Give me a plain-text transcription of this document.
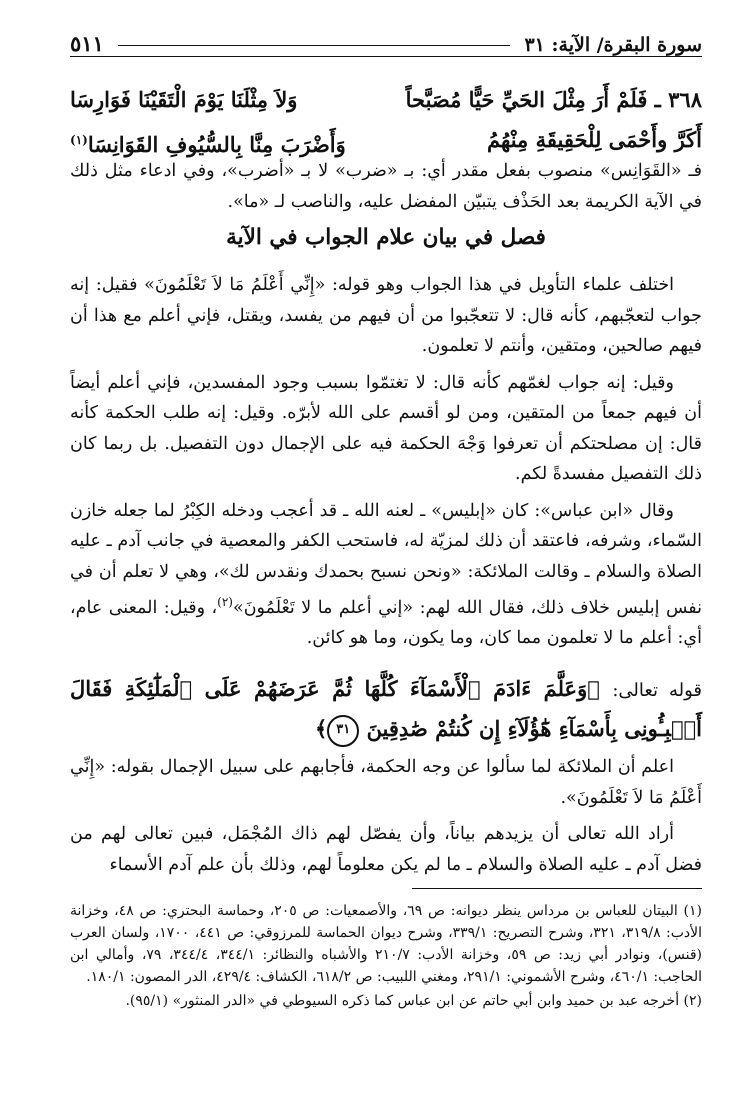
سورة البقرة/ الآية: ٣١
٥١١
٣٦٨ ـ فَلَمْ أَرَ مِثْلَ الحَيِّ حَيًّا مُصَبَّحاً
وَلاَ مِثْلَنَا يَوْمَ الْتَقَيْنَا فَوَارِسَا
أَكَرَّ وأَحْمَى لِلْحَقِيقَةِ مِنْهُمُ
وَأَضْرَبَ مِنَّا بِالسُّيُوفِ القَوَانِسَا$^{(١)}$

فـ «القَوَانِس» منصوب بفعل مقدر أي: بـ «ضرب» لا بـ «أضرب»، وفي ادعاء مثل ذلك في الآية الكريمة بعد الحَذْف يتبيّن المفضل عليه، والناصب لـ «ما».

فصل في بيان علام الجواب في الآية

اختلف علماء التأويل في هذا الجواب وهو قوله: «إِنِّي أَعْلَمُ مَا لاَ تَعْلَمُونَ» فقيل: إنه جواب لتعجّبهم، كأنه قال: لا تتعجّبوا من أن فيهم من يفسد، ويقتل، فإني أعلم مع هذا أن فيهم صالحين، ومتقين، وأنتم لا تعلمون.

وقيل: إنه جواب لغمّهم كأنه قال: لا تغتمّوا بسبب وجود المفسدين، فإني أعلم أيضاً أن فيهم جمعاً من المتقين، ومن لو أقسم على الله لأبرّه. وقيل: إنه طلب الحكمة كأنه قال: إن مصلحتكم أن تعرفوا وَجْهَ الحكمة فيه على الإجمال دون التفصيل. بل ربما كان ذلك التفصيل مفسدةً لكم.

وقال «ابن عباس»: كان «إبليس» ـ لعنه الله ـ قد أعجب ودخله الكِبْرُ لما جعله خازن السّماء، وشرفه، فاعتقد أن ذلك لمزيّة له، فاستحب الكفر والمعصية في جانب آدم ـ عليه الصلاة والسلام ـ وقالت الملائكة: «ونحن نسبح بحمدك ونقدس لك»، وهي لا تعلم أن في نفس إبليس خلاف ذلك، فقال الله لهم: «إني أعلم ما لا تَعْلَمُونَ»$^{(٢)}$، وقيل: المعنى عام، أي: أعلم ما لا تعلمون مما كان، وما يكون، وما هو كائن.

قوله تعالى: ﴿وَعَلَّمَ ءَادَمَ ٱلْأَسْمَآءَ كُلَّهَا ثُمَّ عَرَضَهُمْ عَلَى ٱلْمَلَٰٓئِكَةِ فَقَالَ أَنۢبِـُٔونِى بِأَسْمَآءِ هَٰٓؤُلَآءِ إِن كُنتُمْ صَٰدِقِينَ ٣١﴾

اعلم أن الملائكة لما سألوا عن وجه الحكمة، فأجابهم على سبيل الإجمال بقوله: «إِنِّي أَعْلَمُ مَا لاَ تَعْلَمُونَ».

أراد الله تعالى أن يزيدهم بياناً، وأن يفصّل لهم ذاك المُجْمَل، فبين تعالى لهم من فضل آدم ـ عليه الصلاة والسلام ـ ما لم يكن معلوماً لهم، وذلك بأن علم آدم الأسماء

(١) البيتان للعباس بن مرداس ينظر ديوانه: ص ٦٩، والأصمعيات: ص ٢٠٥، وحماسة البحتري: ص ٤٨، وخزانة الأدب: ٣١٩/٨، ٣٢١، وشرح التصريح: ٣٣٩/١، وشرح ديوان الحماسة للمرزوقي: ص ٤٤١، ١٧٠٠، ولسان العرب (قنس)، ونوادر أبي زيد: ص ٥٩، وخزانة الأدب: ٢١٠/٧ والأشباه والنظائر: ٣٤٤/١، ٣٤٤/٤، ٧٩، وأمالي ابن الحاجب: ٤٦٠/١، وشرح الأشموني: ٢٩١/١، ومغني اللبيب: ص ٦١٨/٢، الكشاف: ٤٢٩/٤، الدر المصون: ١٨٠/١.

(٢) أخرجه عبد بن حميد وابن أبي حاتم عن ابن عباس كما ذكره السيوطي في «الدر المنثور» (٩٥/١).
